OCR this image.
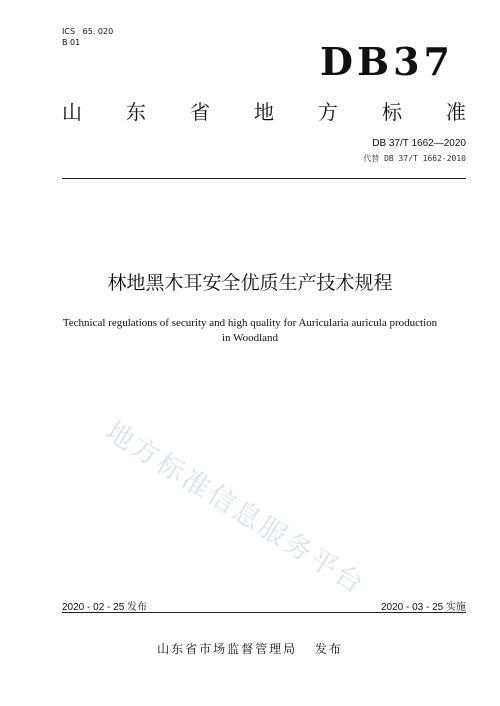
ICS   65. 020
B 01	DB37
山 东 省 地 方 标 准
DB 37/T 1662—2020
代替 DB 37/T 1662-2010
林地黑木耳安全优质生产技术规程
Technical regulations of security and high quality for Auricularia auricula production
in Woodland
地方标准信息服务平台
2020 - 02 - 25 发布	2020 - 03 - 25 实施
山东省市场监督管理局 发布
